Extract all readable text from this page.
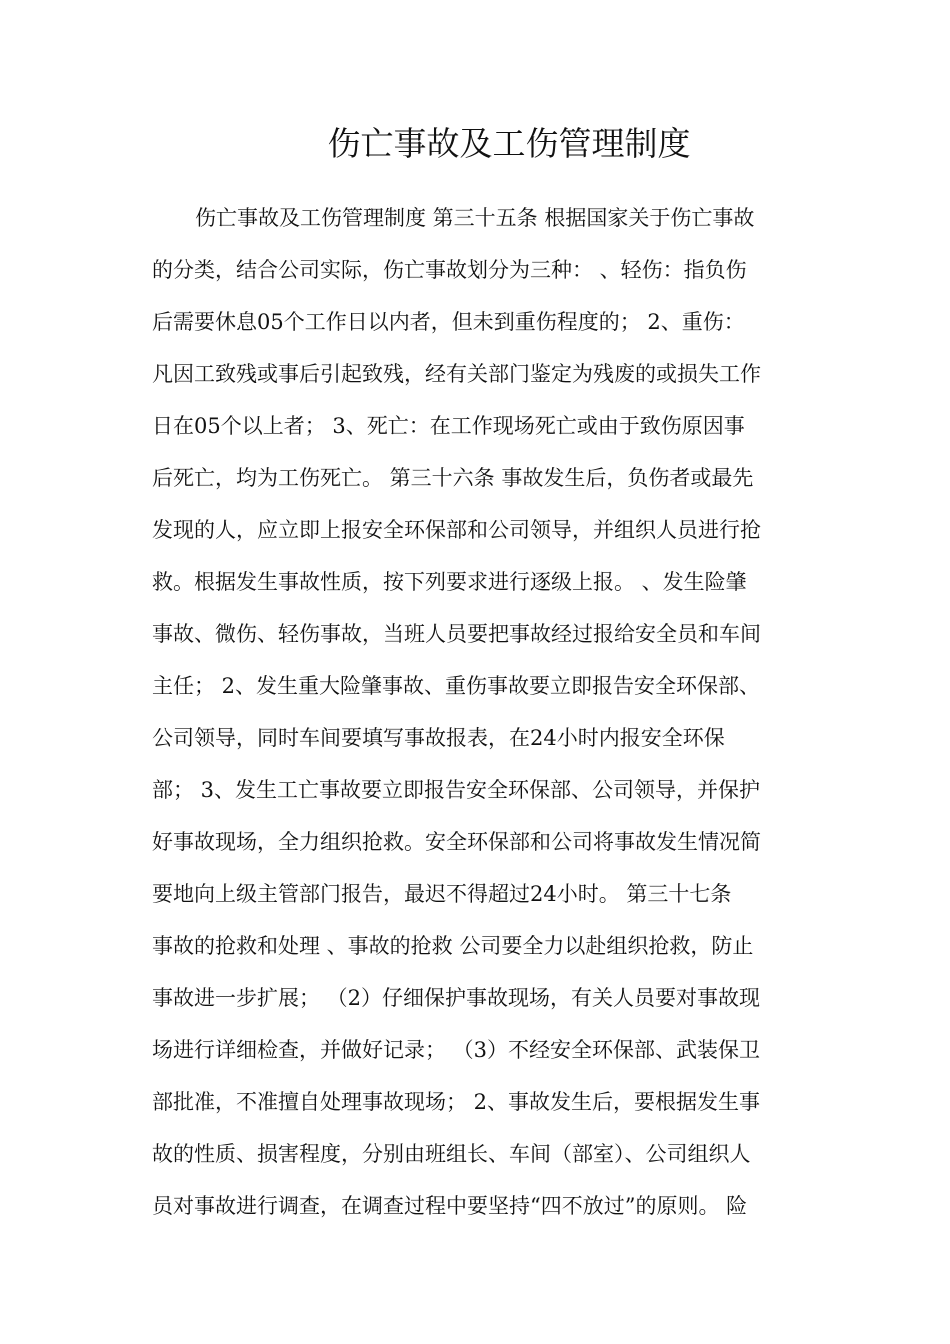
伤亡事故及工伤管理制度
伤亡事故及工伤管理制度 第三十五条 根据国家关于伤亡事故
的分类，结合公司实际，伤亡事故划分为三种： 、轻伤：指负伤
后需要休息05个工作日以内者，但未到重伤程度的； 2、重伤：
凡因工致残或事后引起致残，经有关部门鉴定为残废的或损失工作
日在05个以上者； 3、死亡：在工作现场死亡或由于致伤原因事
后死亡，均为工伤死亡。 第三十六条 事故发生后，负伤者或最先
发现的人，应立即上报安全环保部和公司领导，并组织人员进行抢
救。根据发生事故性质，按下列要求进行逐级上报。 、发生险肇
事故、微伤、轻伤事故，当班人员要把事故经过报给安全员和车间
主任； 2、发生重大险肇事故、重伤事故要立即报告安全环保部、
公司领导，同时车间要填写事故报表，在24小时内报安全环保
部； 3、发生工亡事故要立即报告安全环保部、公司领导，并保护
好事故现场，全力组织抢救。安全环保部和公司将事故发生情况简
要地向上级主管部门报告，最迟不得超过24小时。 第三十七条
事故的抢救和处理 、事故的抢救 公司要全力以赴组织抢救，防止
事故进一步扩展； （2）仔细保护事故现场，有关人员要对事故现
场进行详细检查，并做好记录； （3）不经安全环保部、武装保卫
部批准，不准擅自处理事故现场； 2、事故发生后，要根据发生事
故的性质、损害程度，分别由班组长、车间（部室）、公司组织人
员对事故进行调查，在调查过程中要坚持“四不放过”的原则。 险
